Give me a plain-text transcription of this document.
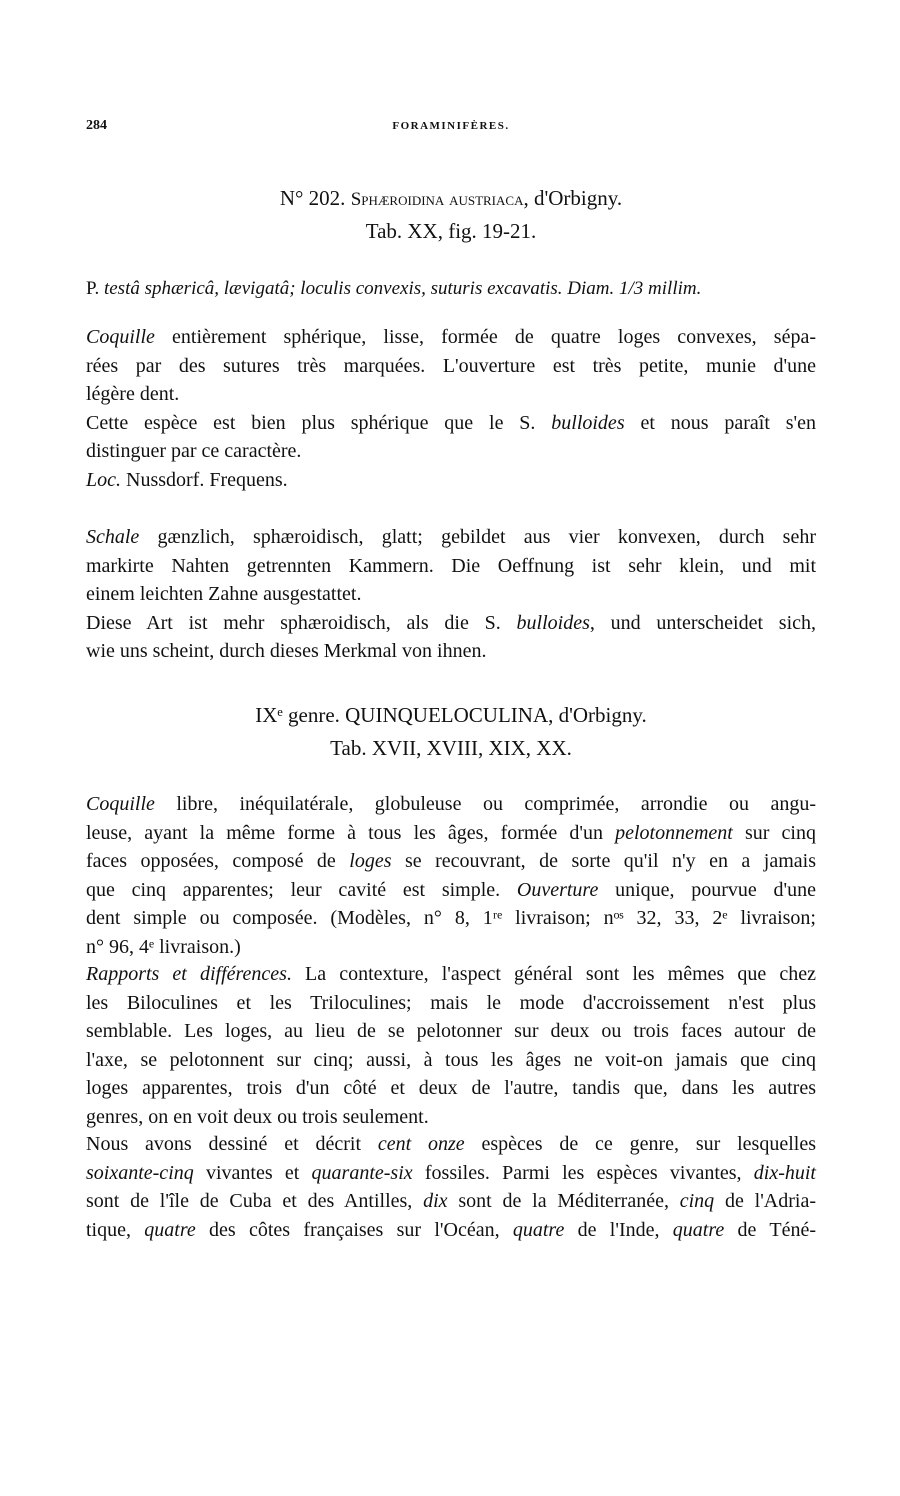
284	FORAMINIFÈRES.
N° 202. Sphæroidina austriaca, d'Orbigny.
Tab. XX, fig. 19-21.
P. testâ sphæricâ, lævigatâ; loculis convexis, suturis excavatis. Diam. 1/3 millim.
Coquille entièrement sphérique, lisse, formée de quatre loges convexes, sépa-
rées par des sutures très marquées. L'ouverture est très petite, munie d'une
légère dent.
Cette espèce est bien plus sphérique que le S. bulloides et nous paraît s'en
distinguer par ce caractère.
Loc. Nussdorf. Frequens.
Schale gænzlich, sphæroidisch, glatt; gebildet aus vier konvexen, durch sehr
markirte Nahten getrennten Kammern. Die Oeffnung ist sehr klein, und mit
einem leichten Zahne ausgestattet.
Diese Art ist mehr sphæroidisch, als die S. bulloides, und unterscheidet sich,
wie uns scheint, durch dieses Merkmal von ihnen.
IXᵉ genre. QUINQUELOCULINA, d'Orbigny.
Tab. XVII, XVIII, XIX, XX.
Coquille libre, inéquilatérale, globuleuse ou comprimée, arrondie ou angu-
leuse, ayant la même forme à tous les âges, formée d'un pelotonnement sur cinq
faces opposées, composé de loges se recouvrant, de sorte qu'il n'y en a jamais
que cinq apparentes; leur cavité est simple. Ouverture unique, pourvue d'une
dent simple ou composée. (Modèles, n° 8, 1ʳᵉ livraison; nᵒˢ 32, 33, 2ᵉ livraison;
n° 96, 4ᵉ livraison.)
Rapports et différences. La contexture, l'aspect général sont les mêmes que chez
les Biloculines et les Triloculines; mais le mode d'accroissement n'est plus
semblable. Les loges, au lieu de se pelotonner sur deux ou trois faces autour de
l'axe, se pelotonnent sur cinq; aussi, à tous les âges ne voit-on jamais que cinq
loges apparentes, trois d'un côté et deux de l'autre, tandis que, dans les autres
genres, on en voit deux ou trois seulement.
Nous avons dessiné et décrit cent onze espèces de ce genre, sur lesquelles
soixante-cinq vivantes et quarante-six fossiles. Parmi les espèces vivantes, dix-huit
sont de l'île de Cuba et des Antilles, dix sont de la Méditerranée, cinq de l'Adria-
tique, quatre des côtes françaises sur l'Océan, quatre de l'Inde, quatre de Téné-
